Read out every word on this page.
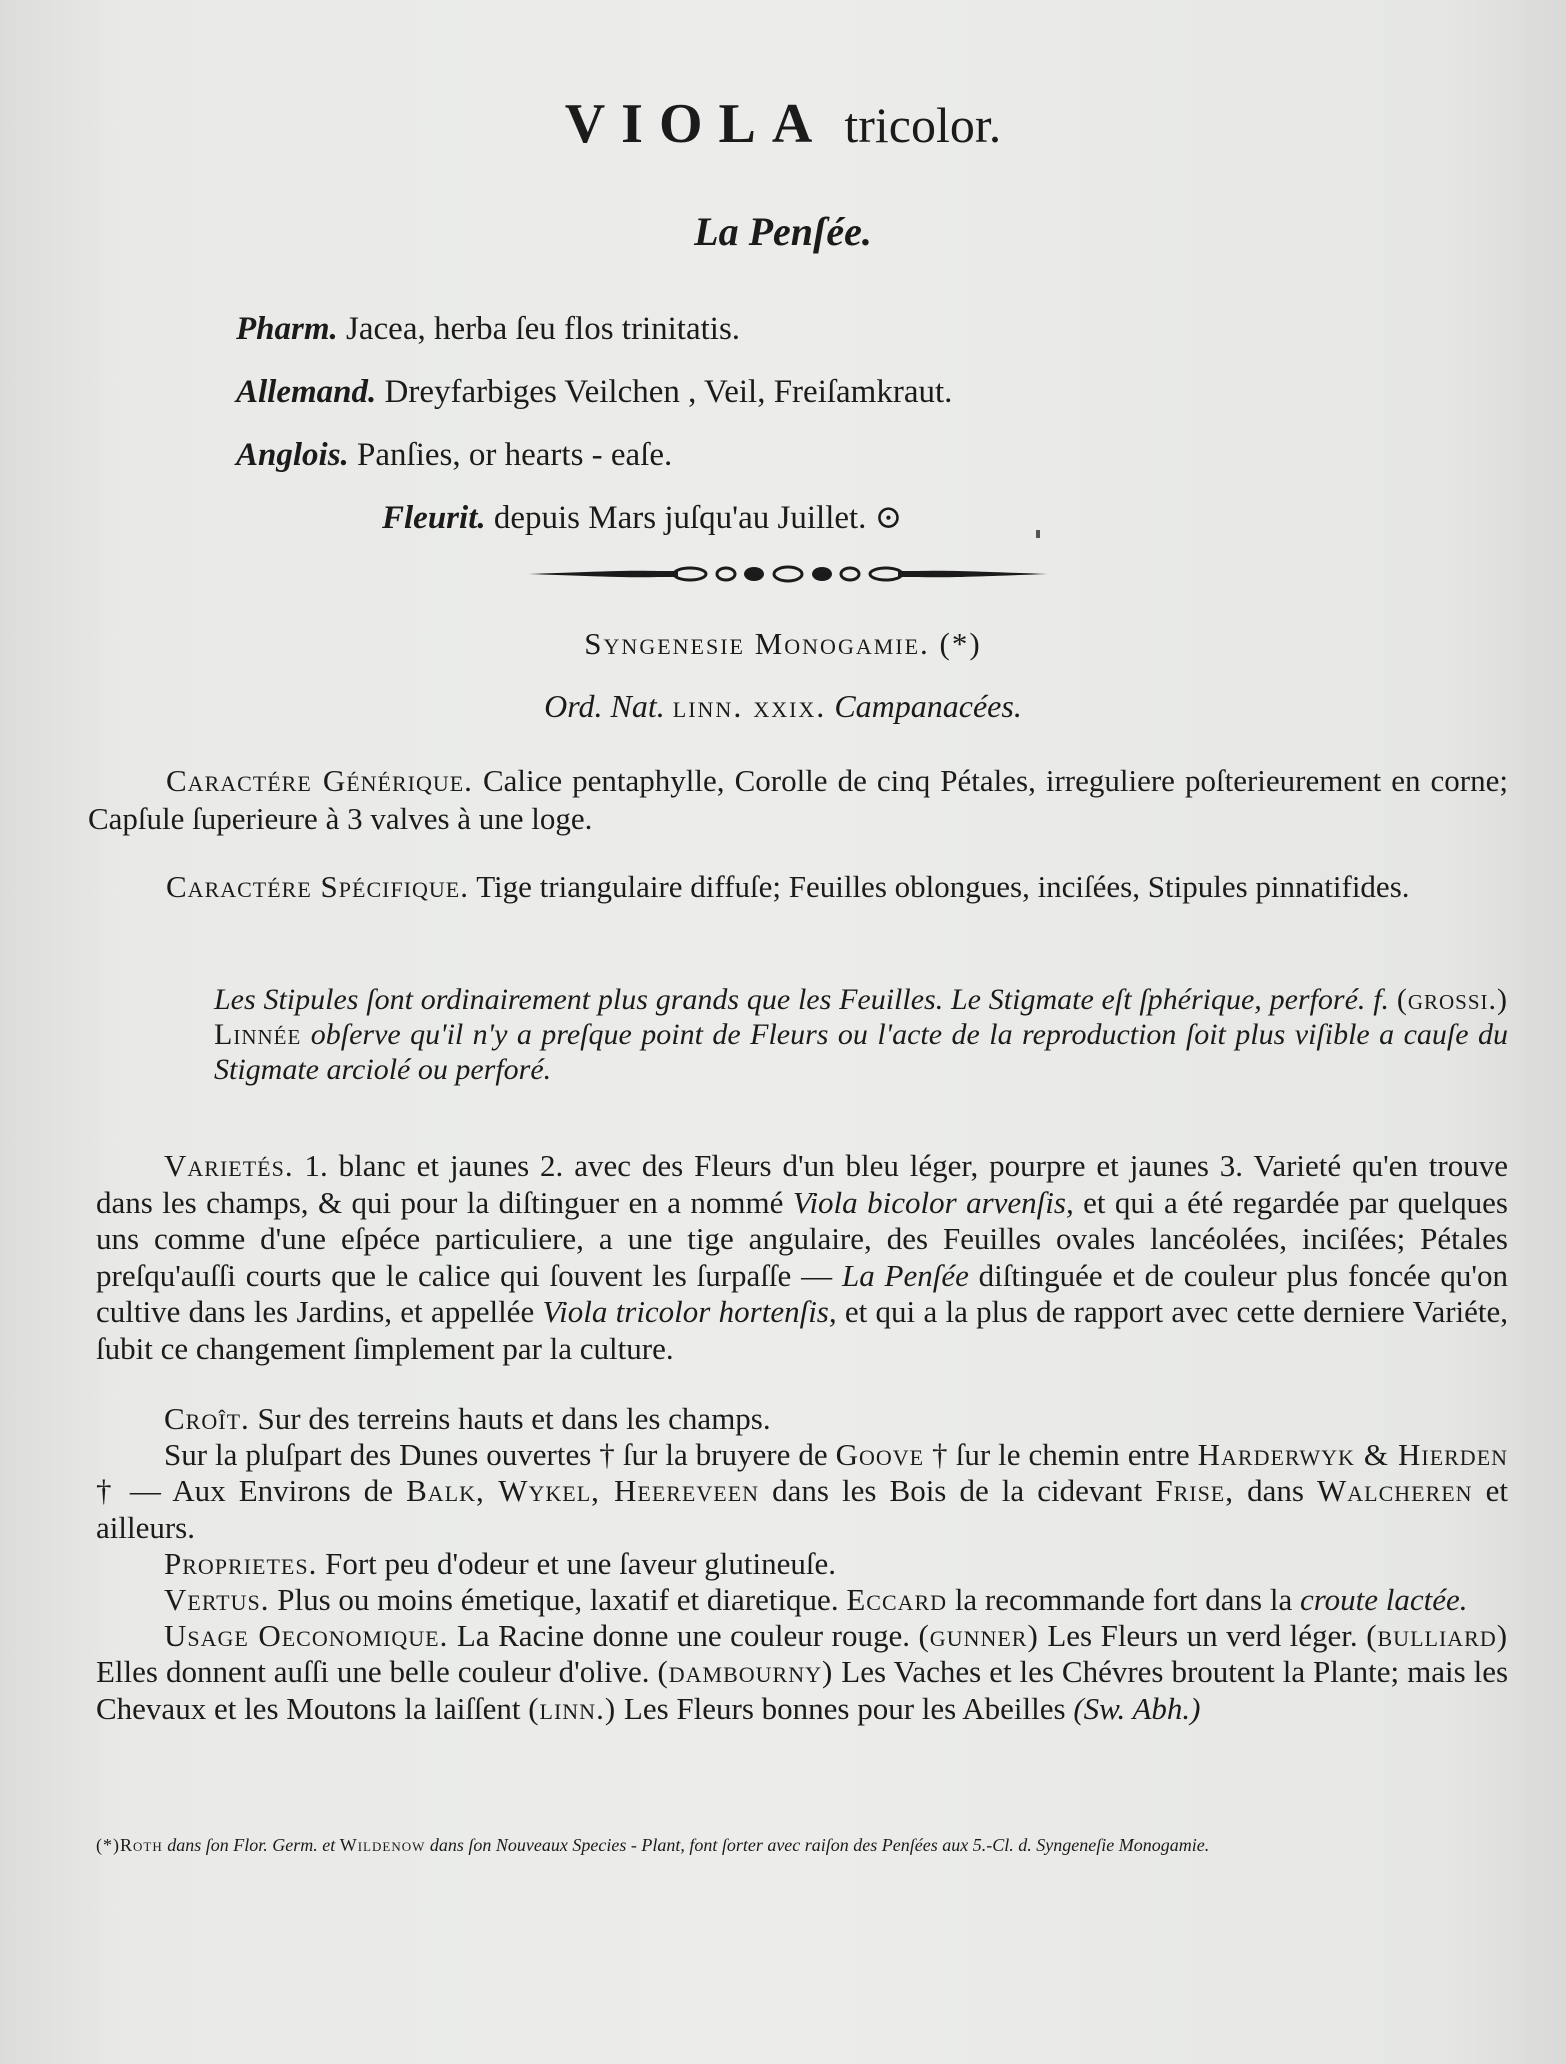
VIOLA tricolor.
La Penſée.
Pharm. Jacea, herba ſeu flos trinitatis.
Allemand. Dreyfarbiges Veilchen , Veil, Freiſamkraut.
Anglois. Panſies, or hearts - eaſe.
Fleurit. depuis Mars juſqu'au Juillet. ⊙
Syngenesie Monogamie. (*)
Ord. Nat. linn. xxix. Campanacées.
Caractére Générique. Calice pentaphylle, Corolle de cinq Pétales, irreguliere poſterieurement en corne; Capſule ſuperieure à 3 valves à une loge.
Caractére Spécifique. Tige triangulaire diffuſe; Feuilles oblongues, inciſées, Stipules pinnatifides.
Les Stipules ſont ordinairement plus grands que les Feuilles. Le Stigmate eſt ſphérique, perforé. f. (grossi.) Linnée obſerve qu'il n'y a preſque point de Fleurs ou l'acte de la reproduction ſoit plus viſible a cauſe du Stigmate arciolé ou perforé.
Varietés. 1. blanc et jaunes 2. avec des Fleurs d'un bleu léger, pourpre et jaunes 3. Varieté qu'en trouve dans les champs, & qui pour la diſtinguer en a nommé Viola bicolor arvenſis, et qui a été regardée par quelques uns comme d'une eſpéce particuliere, a une tige angulaire, des Feuilles ovales lancéolées, inciſées; Pétales preſqu'auſſi courts que le calice qui ſouvent les ſurpaſſe — La Penſée diſtinguée et de couleur plus foncée qu'on cultive dans les Jardins, et appellée Viola tricolor hortenſis, et qui a la plus de rapport avec cette derniere Variéte, ſubit ce changement ſimplement par la culture.

Croît. Sur des terreins hauts et dans les champs.

Sur la pluſpart des Dunes ouvertes † ſur la bruyere de Goove † ſur le chemin entre Harderwyk & Hierden † — Aux Environs de Balk, Wykel, Heereveen dans les Bois de la cidevant Frise, dans Walcheren et ailleurs.

Proprietes. Fort peu d'odeur et une ſaveur glutineuſe.

Vertus. Plus ou moins émetique, laxatif et diaretique. Eccard la recommande fort dans la croute lactée.

Usage Oeconomique. La Racine donne une couleur rouge. (gunner) Les Fleurs un verd léger. (bulliard) Elles donnent auſſi une belle couleur d'olive. (dambourny) Les Vaches et les Chévres broutent la Plante; mais les Chevaux et les Moutons la laiſſent (linn.) Les Fleurs bonnes pour les Abeilles (Sw. Abh.)

(*)Roth dans ſon Flor. Germ. et Wildenow dans ſon Nouveaux Species - Plant, font ſorter avec raiſon des Penſées aux 5.-Cl. d. Syngeneſie Monogamie.
